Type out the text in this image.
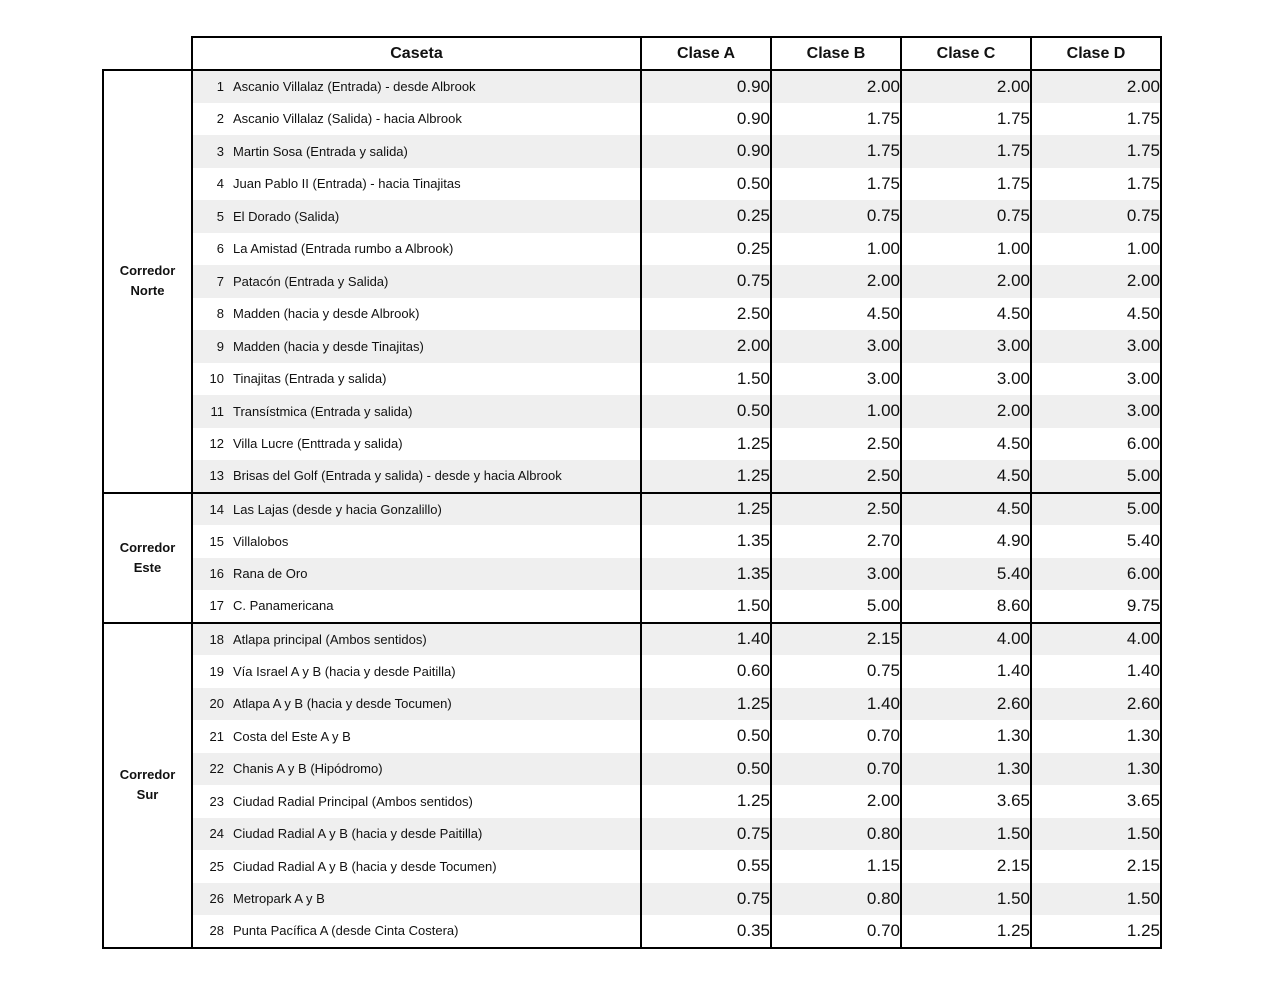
	Caseta	Clase A	Clase B	Clase C	Clase D

Corredor
Norte	1 Ascanio Villalaz (Entrada) - desde Albrook	0.90	2.00	2.00	2.00
	2 Ascanio Villalaz (Salida) - hacia Albrook	0.90	1.75	1.75	1.75
	3 Martin Sosa (Entrada y salida)	0.90	1.75	1.75	1.75
	4 Juan Pablo II (Entrada) - hacia Tinajitas	0.50	1.75	1.75	1.75
	5 El Dorado (Salida)	0.25	0.75	0.75	0.75
	6 La Amistad (Entrada rumbo a Albrook)	0.25	1.00	1.00	1.00
	7 Patacón (Entrada y Salida)	0.75	2.00	2.00	2.00
	8 Madden (hacia y desde Albrook)	2.50	4.50	4.50	4.50
	9 Madden (hacia y desde Tinajitas)	2.00	3.00	3.00	3.00
	10 Tinajitas (Entrada y salida)	1.50	3.00	3.00	3.00
	11 Transístmica (Entrada y salida)	0.50	1.00	2.00	3.00
	12 Villa Lucre (Enttrada y salida)	1.25	2.50	4.50	6.00
	13 Brisas del Golf (Entrada y salida) - desde y hacia Albrook	1.25	2.50	4.50	5.00

Corredor
Este	14 Las Lajas (desde y hacia Gonzalillo)	1.25	2.50	4.50	5.00
	15 Villalobos	1.35	2.70	4.90	5.40
	16 Rana de Oro	1.35	3.00	5.40	6.00
	17 C. Panamericana	1.50	5.00	8.60	9.75

Corredor
Sur	18 Atlapa principal (Ambos sentidos)	1.40	2.15	4.00	4.00
	19 Vía Israel A y B (hacia y desde Paitilla)	0.60	0.75	1.40	1.40
	20 Atlapa A y B (hacia y desde Tocumen)	1.25	1.40	2.60	2.60
	21 Costa del Este A y B	0.50	0.70	1.30	1.30
	22 Chanis A y B (Hipódromo)	0.50	0.70	1.30	1.30
	23 Ciudad Radial Principal (Ambos sentidos)	1.25	2.00	3.65	3.65
	24 Ciudad Radial A y B (hacia y desde Paitilla)	0.75	0.80	1.50	1.50
	25 Ciudad Radial A y B (hacia y desde Tocumen)	0.55	1.15	2.15	2.15
	26 Metropark A y B	0.75	0.80	1.50	1.50
	28 Punta Pacífica A (desde Cinta Costera)	0.35	0.70	1.25	1.25
